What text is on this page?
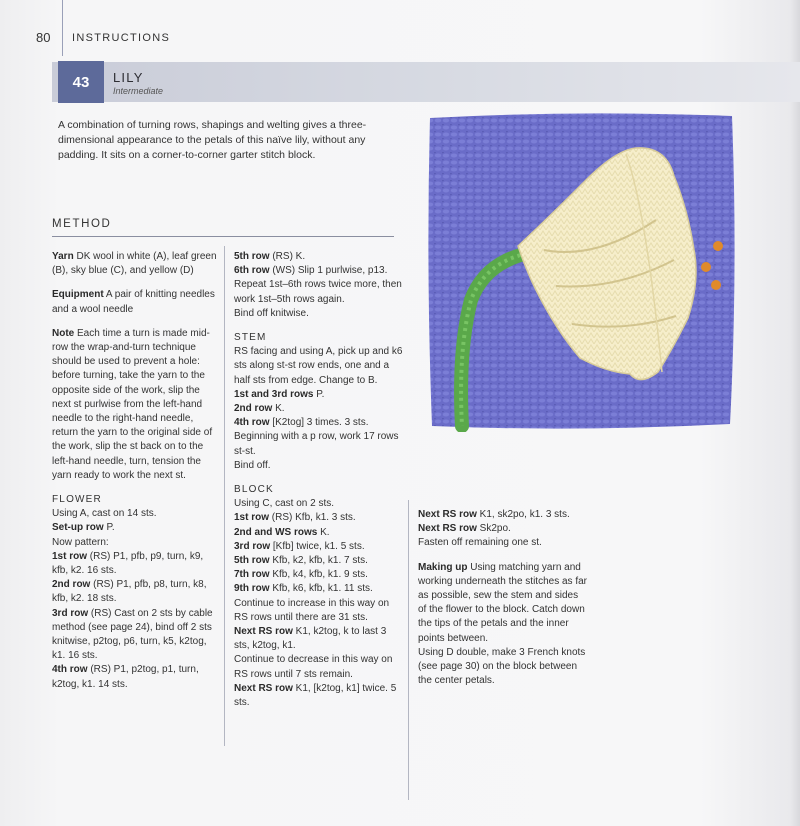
80 INSTRUCTIONS
43	LILY
Intermediate
A combination of turning rows, shapings and welting gives a three-dimensional appearance to the petals of this naïve lily, without any padding. It sits on a corner-to-corner garter stitch block.
METHOD

Yarn DK wool in white (A), leaf green (B), sky blue (C), and yellow (D)

Equipment A pair of knitting needles and a wool needle

Note Each time a turn is made mid-row the wrap-and-turn technique should be used to prevent a hole: before turning, take the yarn to the opposite side of the work, slip the next st purlwise from the left-hand needle to the right-hand needle, return the yarn to the original side of the work, slip the st back on to the left-hand needle, turn, tension the yarn ready to work the next st.

FLOWER

Using A, cast on 14 sts.

Set-up row P.

Now pattern:

1st row (RS) P1, pfb, p9, turn, k9, kfb, k2. 16 sts.

2nd row (RS) P1, pfb, p8, turn, k8, kfb, k2. 18 sts.

3rd row (RS) Cast on 2 sts by cable method (see page 24), bind off 2 sts knitwise, p2tog, p6, turn, k5, k2tog, k1. 16 sts.

4th row (RS) P1, p2tog, p1, turn, k2tog, k1. 14 sts.

5th row (RS) K.

6th row (WS) Slip 1 purlwise, p13.

Repeat 1st–6th rows twice more, then work 1st–5th rows again.

Bind off knitwise.

STEM

RS facing and using A, pick up and k6 sts along st-st row ends, one and a half sts from edge. Change to B.

1st and 3rd rows P.

2nd row K.

4th row [K2tog] 3 times. 3 sts.

Beginning with a p row, work 17 rows st-st.

Bind off.

BLOCK

Using C, cast on 2 sts.

1st row (RS) Kfb, k1. 3 sts.

2nd and WS rows K.

3rd row [Kfb] twice, k1. 5 sts.

5th row Kfb, k2, kfb, k1. 7 sts.

7th row Kfb, k4, kfb, k1. 9 sts.

9th row Kfb, k6, kfb, k1. 11 sts.

Continue to increase in this way on RS rows until there are 31 sts.

Next RS row K1, k2tog, k to last 3 sts, k2tog, k1.

Continue to decrease in this way on RS rows until 7 sts remain.

Next RS row K1, [k2tog, k1] twice. 5 sts.

Next RS row K1, sk2po, k1. 3 sts.

Next RS row Sk2po.

Fasten off remaining one st.

Making up Using matching yarn and working underneath the stitches as far as possible, sew the stem and sides of the flower to the block. Catch down the tips of the petals and the inner points between.

Using D double, make 3 French knots (see page 30) on the block between the center petals.
